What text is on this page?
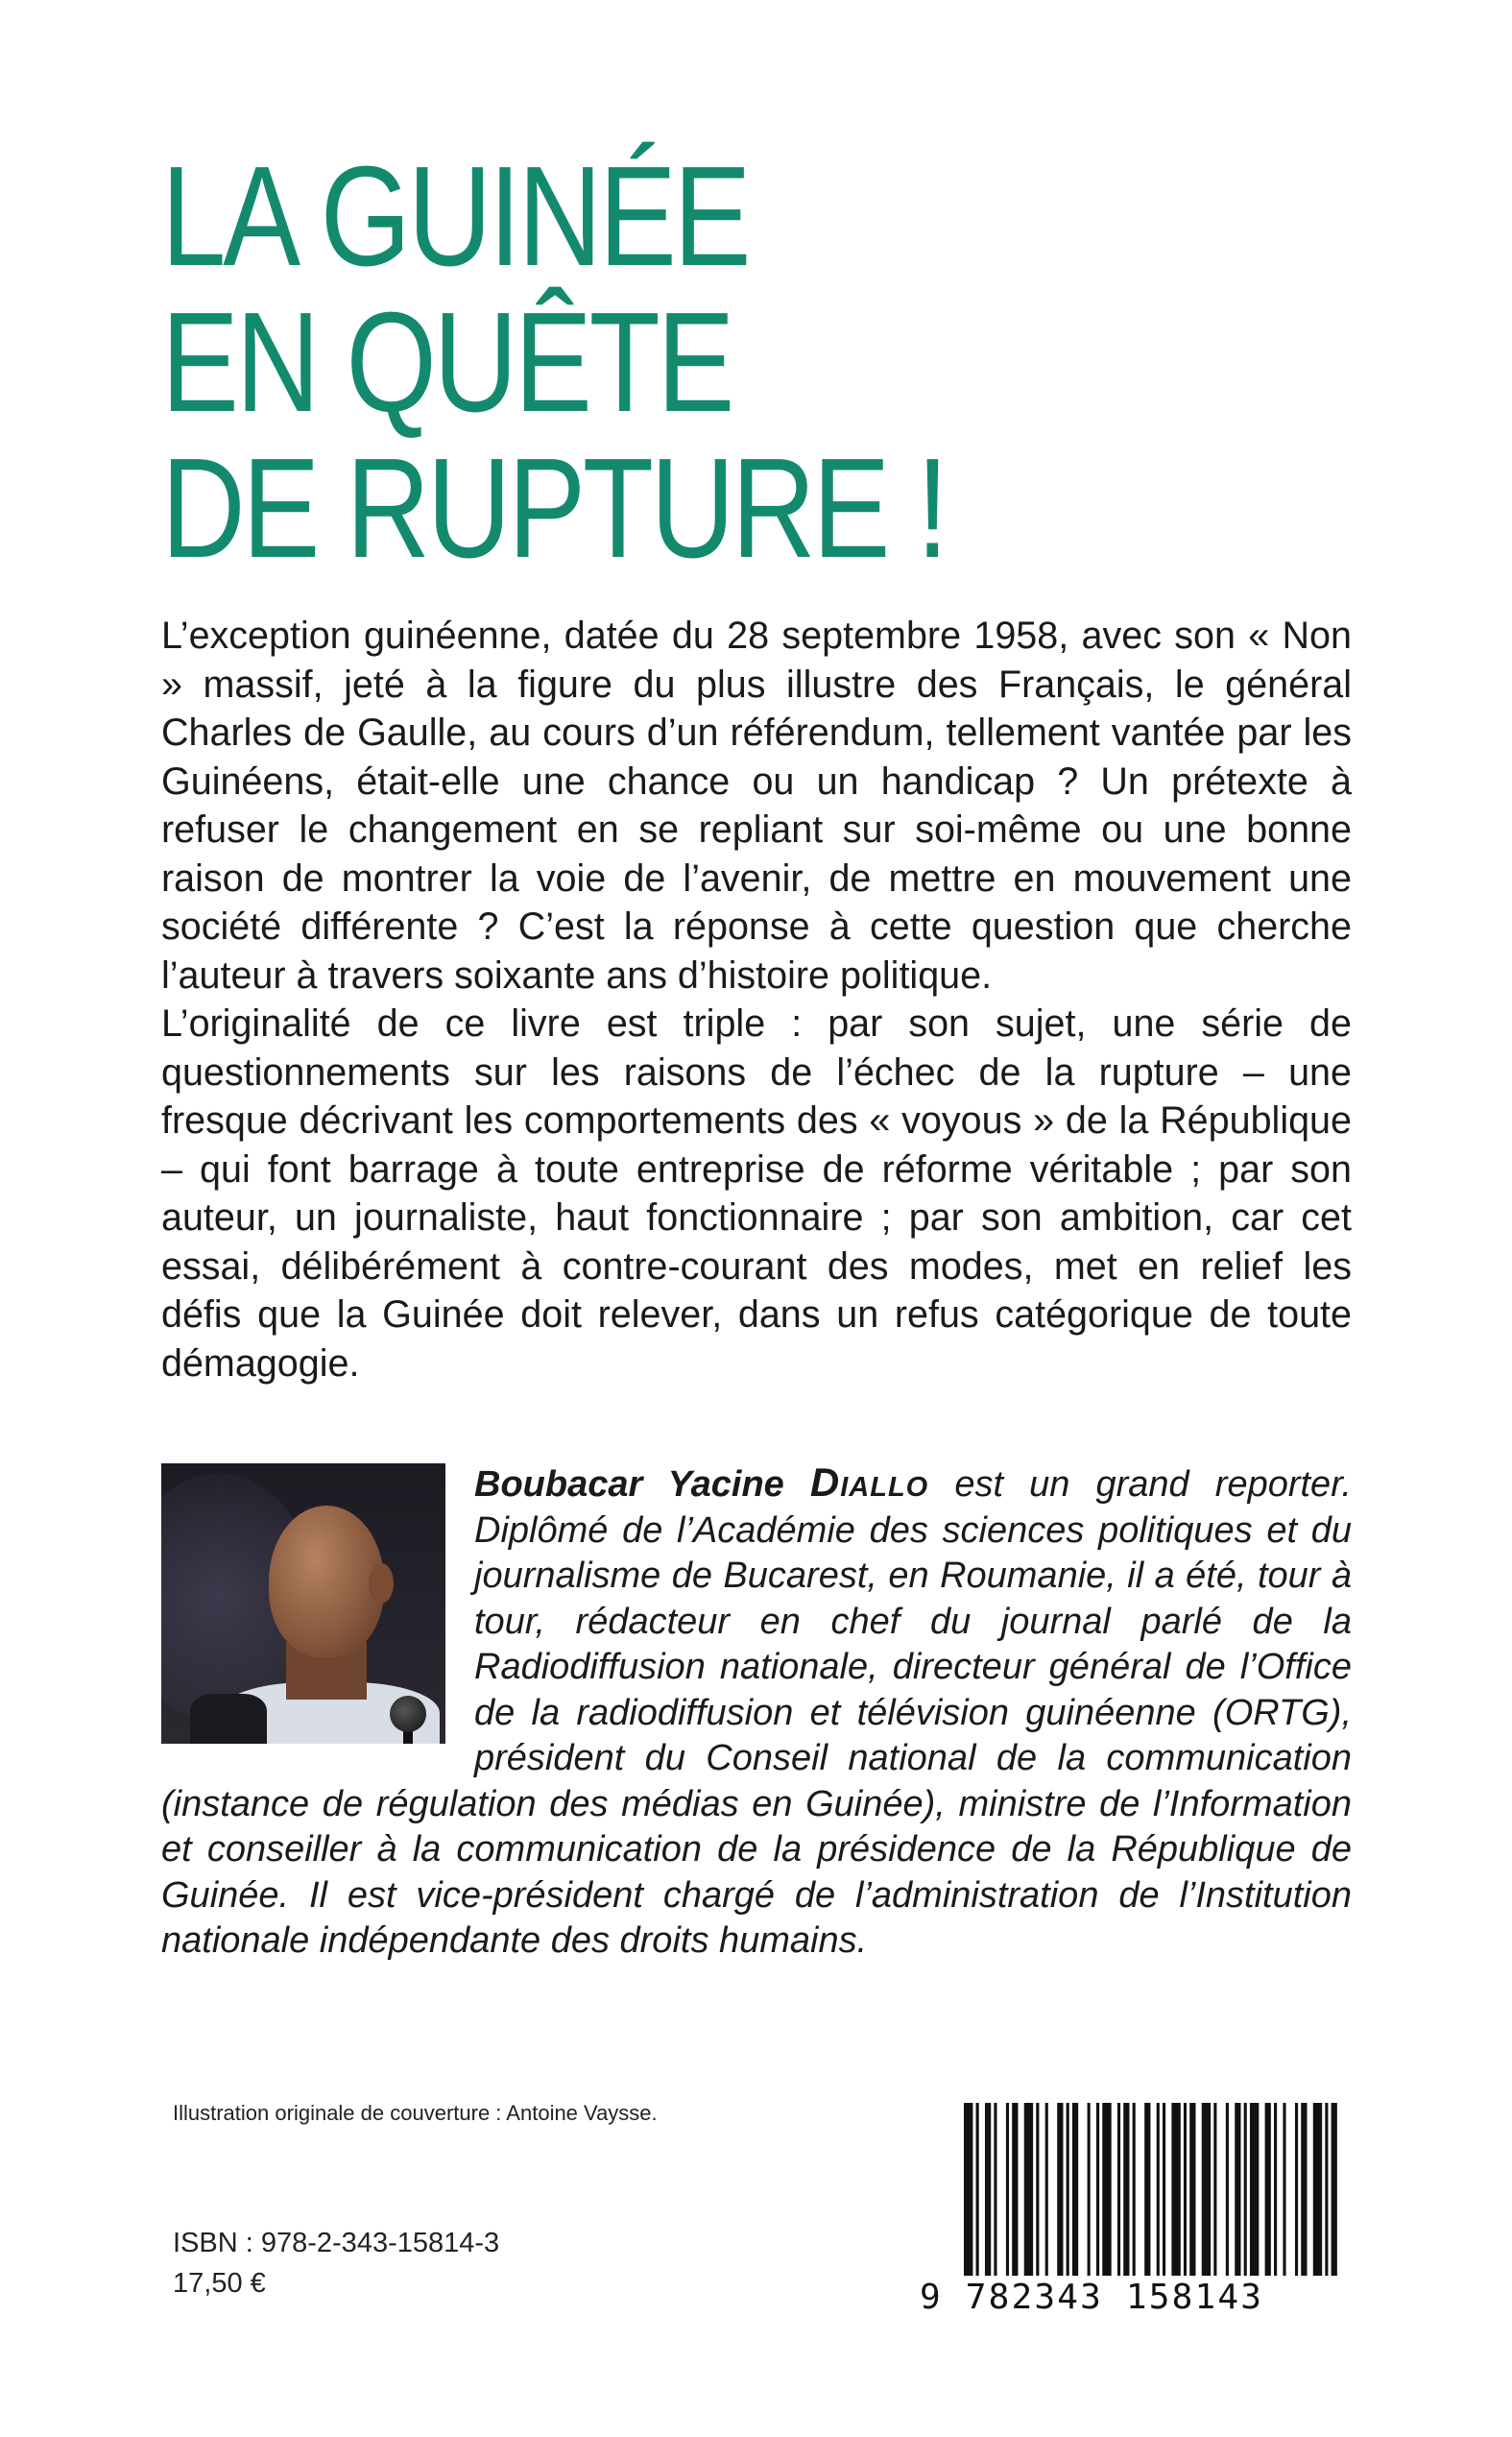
LA GUINÉE
EN QUÊTE
DE RUPTURE !

L’exception guinéenne, datée du 28 septembre 1958, avec son « Non » massif, jeté à la figure du plus illustre des Français, le général Charles de Gaulle, au cours d’un référendum, tellement vantée par les Guinéens, était-elle une chance ou un handicap ? Un prétexte à refuser le changement en se repliant sur soi-même ou une bonne raison de montrer la voie de l’avenir, de mettre en mouvement une société différente ? C’est la réponse à cette question que cherche l’auteur à travers soixante ans d’histoire politique.

L’originalité de ce livre est triple : par son sujet, une série de questionnements sur les raisons de l’échec de la rupture – une fresque décrivant les comportements des « voyous » de la République – qui font barrage à toute entreprise de réforme véritable ; par son auteur, un journaliste, haut fonctionnaire ; par son ambition, car cet essai, délibérément à contre-courant des modes, met en relief les défis que la Guinée doit relever, dans un refus catégorique de toute démagogie.

Boubacar Yacine Diallo est un grand reporter. Diplômé de l’Académie des sciences politiques et du journalisme de Bucarest, en Roumanie, il a été, tour à tour, rédacteur en chef du journal parlé de la Radiodiffusion nationale, directeur général de l’Office de la radiodiffusion et télévision guinéenne (ORTG), président du Conseil national de la communication (instance de régulation des médias en Guinée), ministre de l’Information et conseiller à la communication de la présidence de la République de Guinée. Il est vice-président chargé de l’administration de l’Institution nationale indépendante des droits humains.

Illustration originale de couverture : Antoine Vaysse.
ISBN : 978-2-343-15814-3
17,50 €	9 782343 158143
